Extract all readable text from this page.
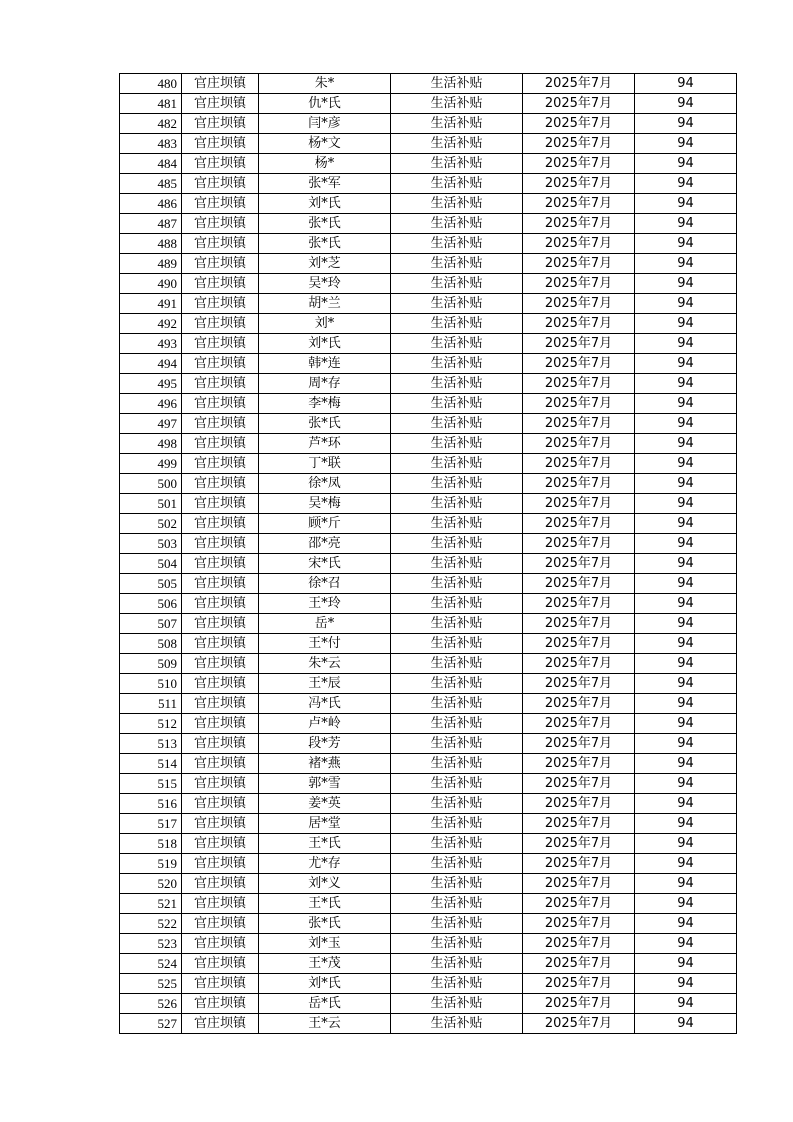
480	官庄坝镇	朱*	生活补贴	2025年7月	94
481	官庄坝镇	仇*氏	生活补贴	2025年7月	94
482	官庄坝镇	闫*彦	生活补贴	2025年7月	94
483	官庄坝镇	杨*文	生活补贴	2025年7月	94
484	官庄坝镇	杨*	生活补贴	2025年7月	94
485	官庄坝镇	张*军	生活补贴	2025年7月	94
486	官庄坝镇	刘*氏	生活补贴	2025年7月	94
487	官庄坝镇	张*氏	生活补贴	2025年7月	94
488	官庄坝镇	张*氏	生活补贴	2025年7月	94
489	官庄坝镇	刘*芝	生活补贴	2025年7月	94
490	官庄坝镇	吴*玲	生活补贴	2025年7月	94
491	官庄坝镇	胡*兰	生活补贴	2025年7月	94
492	官庄坝镇	刘*	生活补贴	2025年7月	94
493	官庄坝镇	刘*氏	生活补贴	2025年7月	94
494	官庄坝镇	韩*连	生活补贴	2025年7月	94
495	官庄坝镇	周*存	生活补贴	2025年7月	94
496	官庄坝镇	李*梅	生活补贴	2025年7月	94
497	官庄坝镇	张*氏	生活补贴	2025年7月	94
498	官庄坝镇	芦*环	生活补贴	2025年7月	94
499	官庄坝镇	丁*联	生活补贴	2025年7月	94
500	官庄坝镇	徐*凤	生活补贴	2025年7月	94
501	官庄坝镇	吴*梅	生活补贴	2025年7月	94
502	官庄坝镇	顾*斤	生活补贴	2025年7月	94
503	官庄坝镇	邵*亮	生活补贴	2025年7月	94
504	官庄坝镇	宋*氏	生活补贴	2025年7月	94
505	官庄坝镇	徐*召	生活补贴	2025年7月	94
506	官庄坝镇	王*玲	生活补贴	2025年7月	94
507	官庄坝镇	岳*	生活补贴	2025年7月	94
508	官庄坝镇	王*付	生活补贴	2025年7月	94
509	官庄坝镇	朱*云	生活补贴	2025年7月	94
510	官庄坝镇	王*辰	生活补贴	2025年7月	94
511	官庄坝镇	冯*氏	生活补贴	2025年7月	94
512	官庄坝镇	卢*岭	生活补贴	2025年7月	94
513	官庄坝镇	段*芳	生活补贴	2025年7月	94
514	官庄坝镇	褚*燕	生活补贴	2025年7月	94
515	官庄坝镇	郭*雪	生活补贴	2025年7月	94
516	官庄坝镇	姜*英	生活补贴	2025年7月	94
517	官庄坝镇	居*堂	生活补贴	2025年7月	94
518	官庄坝镇	王*氏	生活补贴	2025年7月	94
519	官庄坝镇	尤*存	生活补贴	2025年7月	94
520	官庄坝镇	刘*义	生活补贴	2025年7月	94
521	官庄坝镇	王*氏	生活补贴	2025年7月	94
522	官庄坝镇	张*氏	生活补贴	2025年7月	94
523	官庄坝镇	刘*玉	生活补贴	2025年7月	94
524	官庄坝镇	王*茂	生活补贴	2025年7月	94
525	官庄坝镇	刘*氏	生活补贴	2025年7月	94
526	官庄坝镇	岳*氏	生活补贴	2025年7月	94
527	官庄坝镇	王*云	生活补贴	2025年7月	94
